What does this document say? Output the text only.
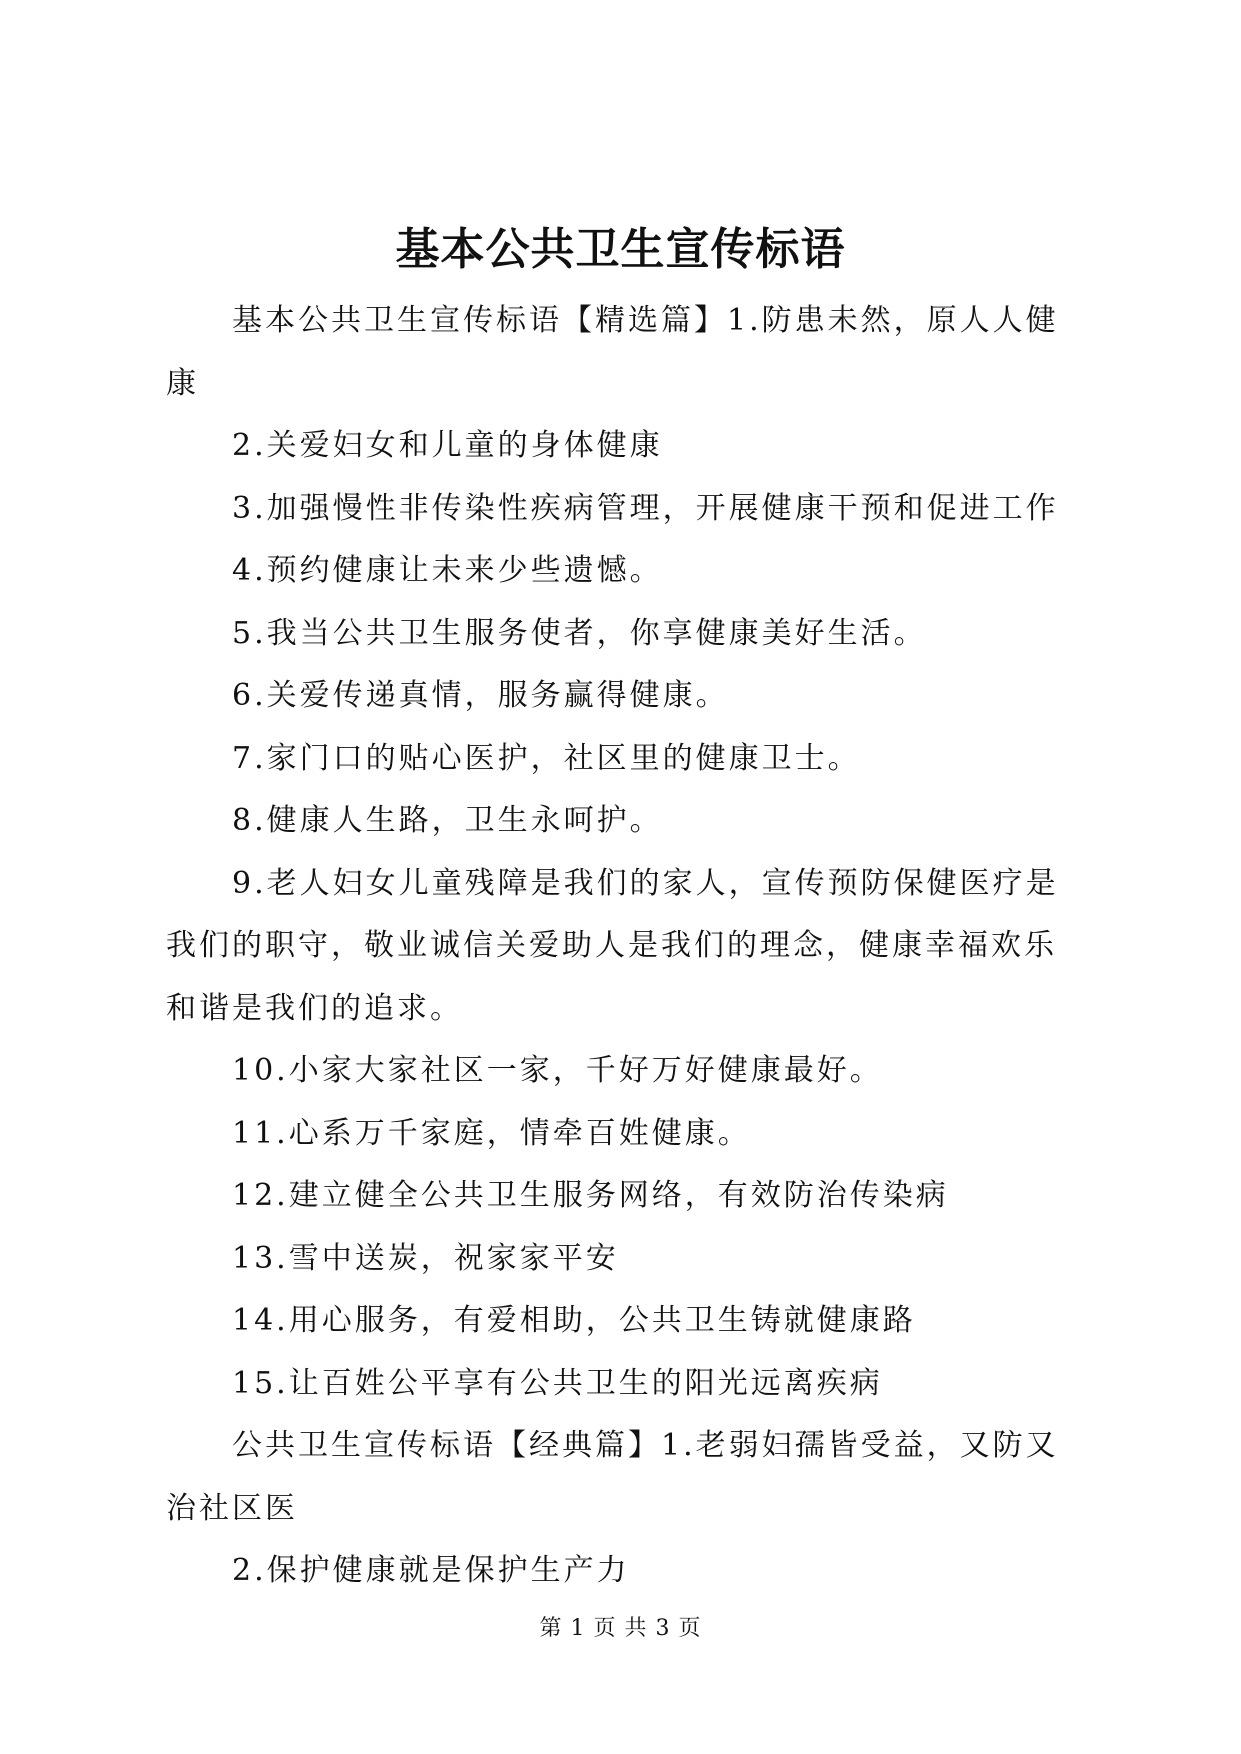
基本公共卫生宣传标语

基本公共卫生宣传标语【精选篇】1.防患未然，原人人健康

2.关爱妇女和儿童的身体健康

3.加强慢性非传染性疾病管理，开展健康干预和促进工作

4.预约健康让未来少些遗憾。

5.我当公共卫生服务使者，你享健康美好生活。

6.关爱传递真情，服务赢得健康。

7.家门口的贴心医护，社区里的健康卫士。

8.健康人生路，卫生永呵护。

9.老人妇女儿童残障是我们的家人，宣传预防保健医疗是我们的职守，敬业诚信关爱助人是我们的理念，健康幸福欢乐和谐是我们的追求。

10.小家大家社区一家，千好万好健康最好。

11.心系万千家庭，情牵百姓健康。

12.建立健全公共卫生服务网络，有效防治传染病

13.雪中送炭，祝家家平安

14.用心服务，有爱相助，公共卫生铸就健康路

15.让百姓公平享有公共卫生的阳光远离疾病

公共卫生宣传标语【经典篇】1.老弱妇孺皆受益，又防又治社区医

2.保护健康就是保护生产力

第 1 页 共 3 页
